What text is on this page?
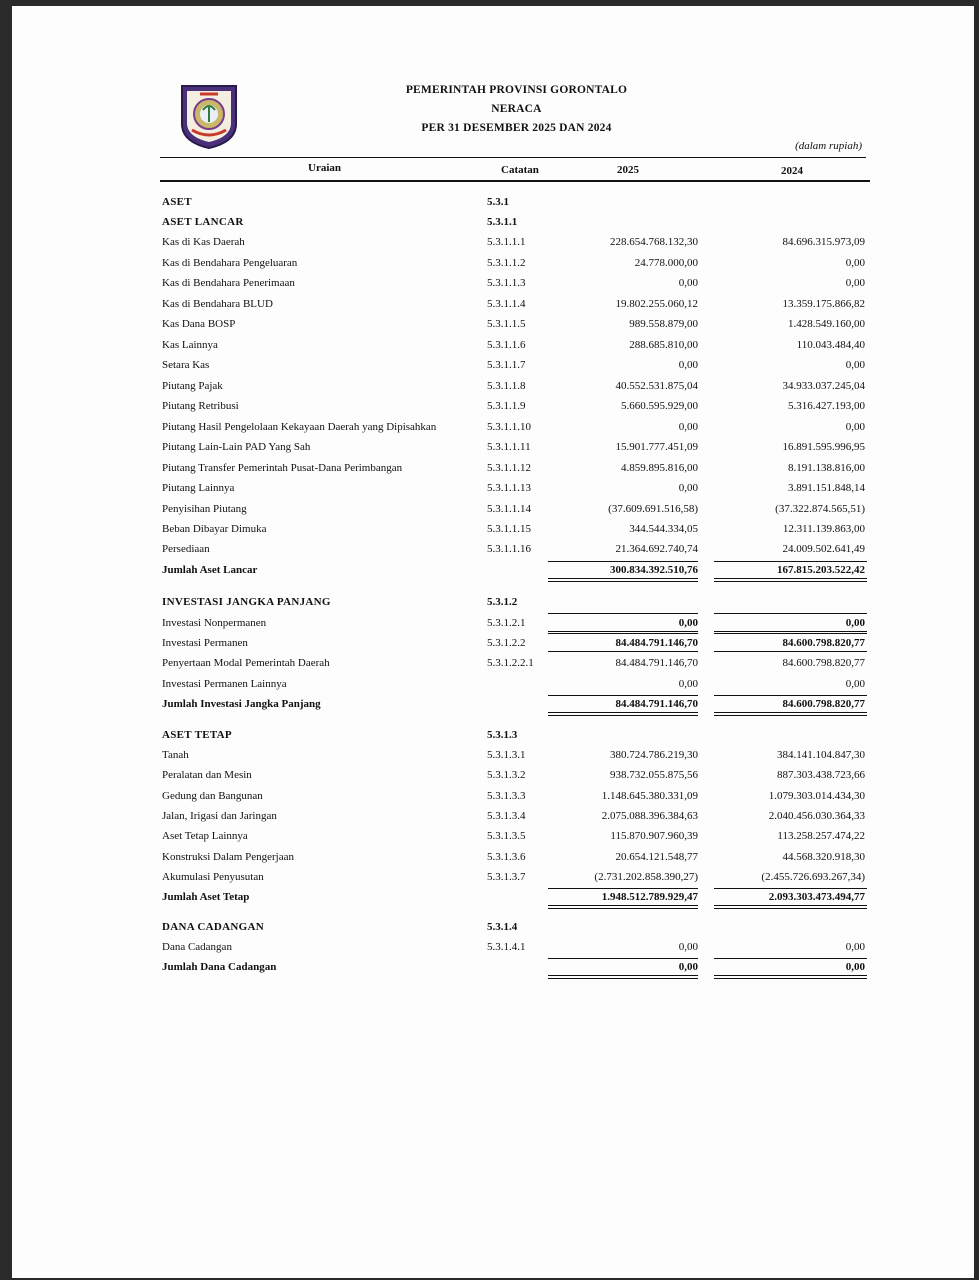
PEMERINTAH PROVINSI GORONTALO
NERACA
PER 31 DESEMBER 2025 DAN 2024
(dalam rupiah)
Uraian	Catatan	2025	2024
ASET	5.3.1
ASET LANCAR	5.3.1.1
Kas di Kas Daerah	5.3.1.1.1	228.654.768.132,30	84.696.315.973,09
Kas di Bendahara Pengeluaran	5.3.1.1.2	24.778.000,00	0,00
Kas di Bendahara Penerimaan	5.3.1.1.3	0,00	0,00
Kas di Bendahara BLUD	5.3.1.1.4	19.802.255.060,12	13.359.175.866,82
Kas Dana BOSP	5.3.1.1.5	989.558.879,00	1.428.549.160,00
Kas Lainnya	5.3.1.1.6	288.685.810,00	110.043.484,40
Setara Kas	5.3.1.1.7	0,00	0,00
Piutang Pajak	5.3.1.1.8	40.552.531.875,04	34.933.037.245,04
Piutang Retribusi	5.3.1.1.9	5.660.595.929,00	5.316.427.193,00
Piutang Hasil Pengelolaan Kekayaan Daerah yang Dipisahkan	5.3.1.1.10	0,00	0,00
Piutang Lain-Lain PAD Yang Sah	5.3.1.1.11	15.901.777.451,09	16.891.595.996,95
Piutang Transfer Pemerintah Pusat-Dana Perimbangan	5.3.1.1.12	4.859.895.816,00	8.191.138.816,00
Piutang Lainnya	5.3.1.1.13	0,00	3.891.151.848,14
Penyisihan Piutang	5.3.1.1.14	(37.609.691.516,58)	(37.322.874.565,51)
Beban Dibayar Dimuka	5.3.1.1.15	344.544.334,05	12.311.139.863,00
Persediaan	5.3.1.1.16	21.364.692.740,74	24.009.502.641,49
Jumlah Aset Lancar	300.834.392.510,76	167.815.203.522,42
INVESTASI JANGKA PANJANG	5.3.1.2
Investasi Nonpermanen	5.3.1.2.1	0,00	0,00
Investasi Permanen	5.3.1.2.2	84.484.791.146,70	84.600.798.820,77
Penyertaan Modal Pemerintah Daerah	5.3.1.2.2.1	84.484.791.146,70	84.600.798.820,77
Investasi Permanen Lainnya	0,00	0,00
Jumlah Investasi Jangka Panjang	84.484.791.146,70	84.600.798.820,77
ASET TETAP	5.3.1.3
Tanah	5.3.1.3.1	380.724.786.219,30	384.141.104.847,30
Peralatan dan Mesin	5.3.1.3.2	938.732.055.875,56	887.303.438.723,66
Gedung dan Bangunan	5.3.1.3.3	1.148.645.380.331,09	1.079.303.014.434,30
Jalan, Irigasi dan Jaringan	5.3.1.3.4	2.075.088.396.384,63	2.040.456.030.364,33
Aset Tetap Lainnya	5.3.1.3.5	115.870.907.960,39	113.258.257.474,22
Konstruksi Dalam Pengerjaan	5.3.1.3.6	20.654.121.548,77	44.568.320.918,30
Akumulasi Penyusutan	5.3.1.3.7	(2.731.202.858.390,27)	(2.455.726.693.267,34)
Jumlah Aset Tetap	1.948.512.789.929,47	2.093.303.473.494,77
DANA CADANGAN	5.3.1.4
Dana Cadangan	5.3.1.4.1	0,00	0,00
Jumlah Dana Cadangan	0,00	0,00
